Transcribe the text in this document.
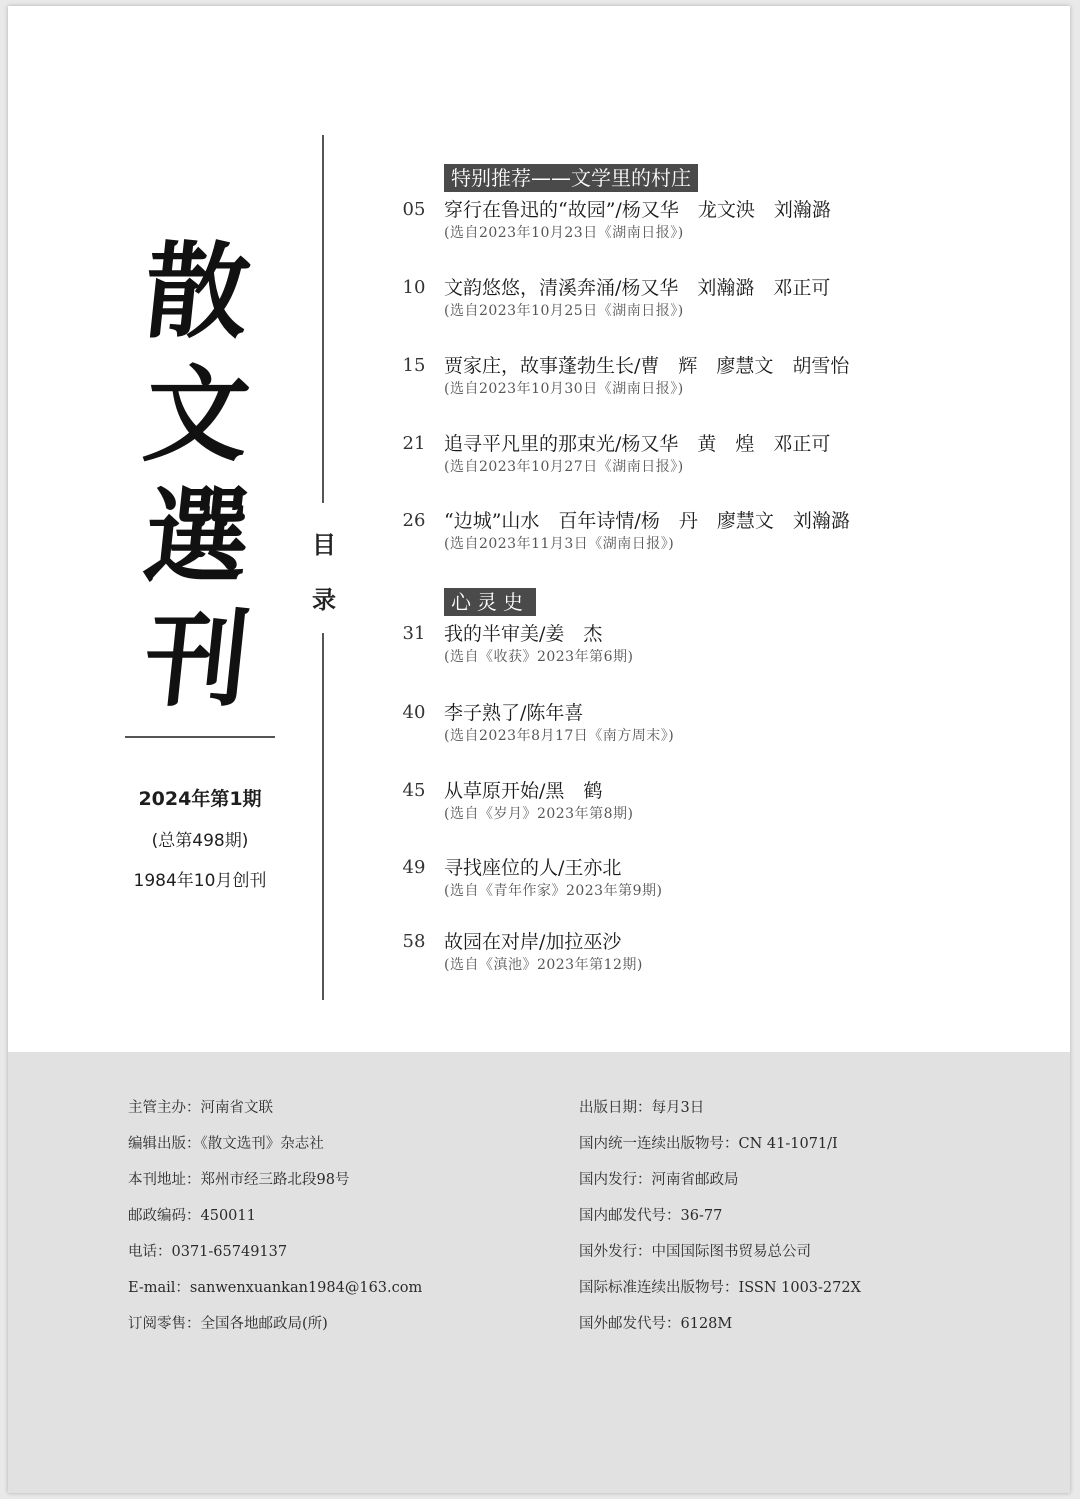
散
文
選
刊
2024年第1期
(总第498期)
1984年10月创刊
目
录
特别推荐——文学里的村庄
05 穿行在鲁迅的“故园”/杨又华　龙文泱　刘瀚潞
(选自2023年10月23日《湖南日报》)
10 文韵悠悠，清溪奔涌/杨又华　刘瀚潞　邓正可
(选自2023年10月25日《湖南日报》)
15 贾家庄，故事蓬勃生长/曹　辉　廖慧文　胡雪怡
(选自2023年10月30日《湖南日报》)
21 追寻平凡里的那束光/杨又华　黄　煌　邓正可
(选自2023年10月27日《湖南日报》)
26 “边城”山水　百年诗情/杨　丹　廖慧文　刘瀚潞
(选自2023年11月3日《湖南日报》)
心灵史
31 我的半审美/姜　杰
(选自《收获》2023年第6期)
40 李子熟了/陈年喜
(选自2023年8月17日《南方周末》)
45 从草原开始/黑　鹤
(选自《岁月》2023年第8期)
49 寻找座位的人/王亦北
(选自《青年作家》2023年第9期)
58 故园在对岸/加拉巫沙
(选自《滇池》2023年第12期)
主管主办：河南省文联
编辑出版：《散文选刊》杂志社
本刊地址：郑州市经三路北段98号
邮政编码：450011
电话：0371-65749137
E-mail：sanwenxuankan1984@163.com
订阅零售：全国各地邮政局(所)
出版日期：每月3日
国内统一连续出版物号：CN 41-1071/Ⅰ
国内发行：河南省邮政局
国内邮发代号：36-77
国外发行：中国国际图书贸易总公司
国际标准连续出版物号：ISSN 1003-272X
国外邮发代号：6128M
